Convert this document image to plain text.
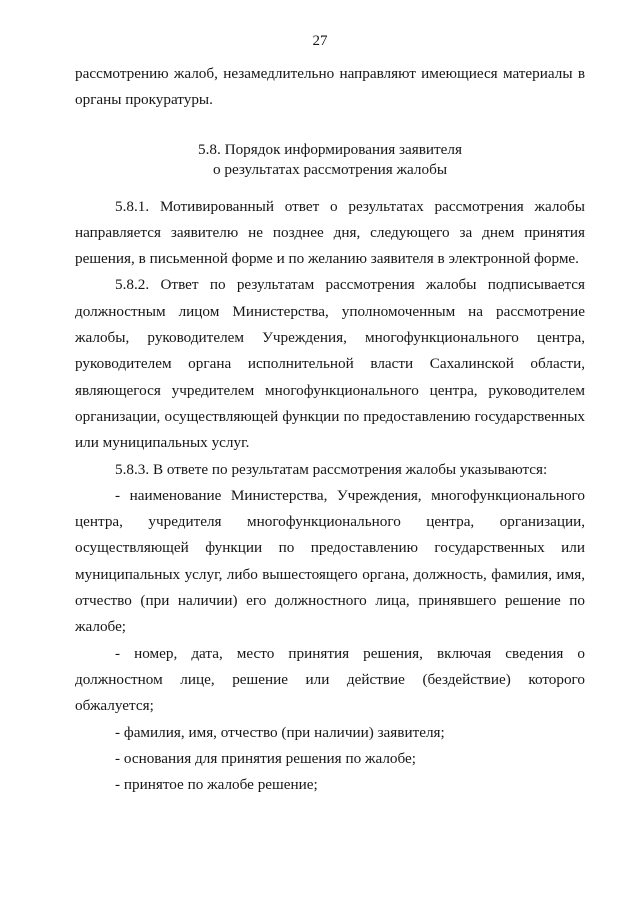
27

рассмотрению жалоб, незамедлительно направляют имеющиеся материалы в органы прокуратуры.

5.8. Порядок информирования заявителя
о результатах рассмотрения жалобы

5.8.1. Мотивированный ответ о результатах рассмотрения жалобы направляется заявителю не позднее дня, следующего за днем принятия решения, в письменной форме и по желанию заявителя в электронной форме.

5.8.2. Ответ по результатам рассмотрения жалобы подписывается должностным лицом Министерства, уполномоченным на рассмотрение жалобы, руководителем Учреждения, многофункционального центра, руководителем органа исполнительной власти Сахалинской области, являющегося учредителем многофункционального центра, руководителем организации, осуществляющей функции по предоставлению государственных или муниципальных услуг.

5.8.3. В ответе по результатам рассмотрения жалобы указываются:

- наименование Министерства, Учреждения, многофункционального центра, учредителя многофункционального центра, организации, осуществляющей функции по предоставлению государственных или муниципальных услуг, либо вышестоящего органа, должность, фамилия, имя, отчество (при наличии) его должностного лица, принявшего решение по жалобе;

- номер, дата, место принятия решения, включая сведения о должностном лице, решение или действие (бездействие) которого обжалуется;

- фамилия, имя, отчество (при наличии) заявителя;

- основания для принятия решения по жалобе;

- принятое по жалобе решение;
